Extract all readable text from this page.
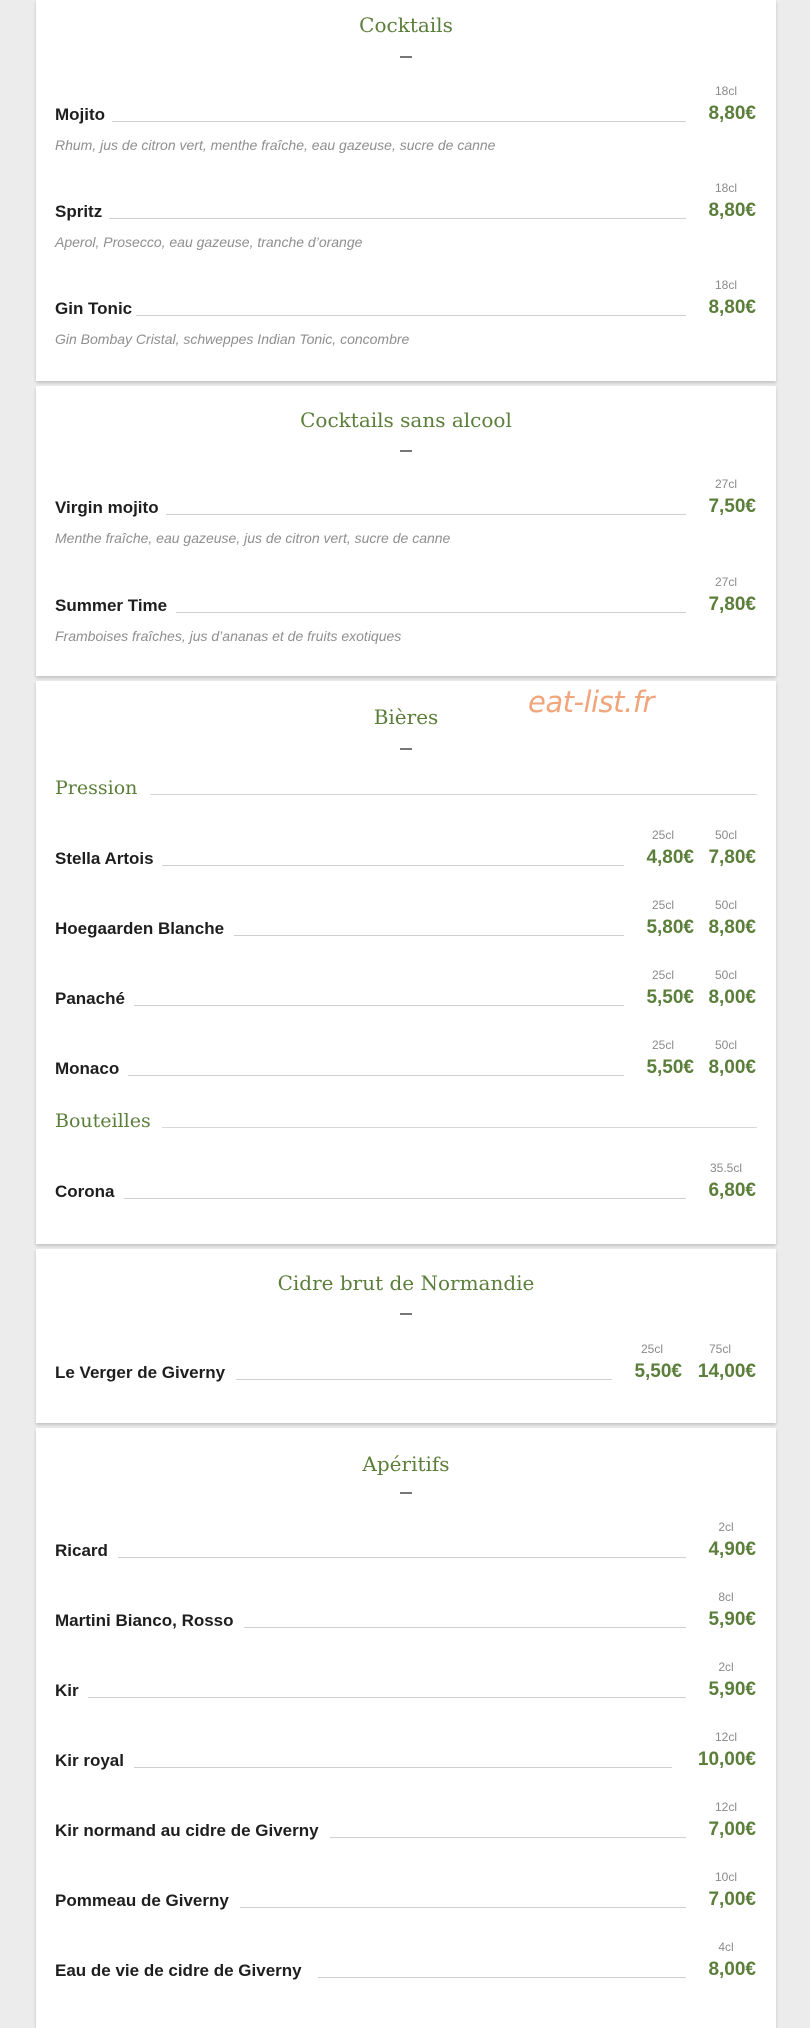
Cocktails
18cl
Mojito	8,80€
Rhum, jus de citron vert, menthe fraîche, eau gazeuse, sucre de canne
18cl
Spritz	8,80€
Aperol, Prosecco, eau gazeuse, tranche d’orange
18cl
Gin Tonic	8,80€
Gin Bombay Cristal, schweppes Indian Tonic, concombre
Cocktails sans alcool
27cl
Virgin mojito	7,50€
Menthe fraîche, eau gazeuse, jus de citron vert, sucre de canne
27cl
Summer Time	7,80€
Framboises fraîches, jus d’ananas et de fruits exotiques
Bières
Pression
25cl	50cl
Stella Artois	4,80€ 7,80€
25cl	50cl
Hoegaarden Blanche	5,80€ 8,80€
25cl	50cl
Panaché	5,50€ 8,00€
25cl	50cl
Monaco	5,50€ 8,00€
Bouteilles
35.5cl
Corona	6,80€
Cidre brut de Normandie
25cl	75cl
Le Verger de Giverny	5,50€ 14,00€
Apéritifs
2cl
Ricard	4,90€
8cl
Martini Bianco, Rosso	5,90€
2cl
Kir	5,90€
12cl
Kir royal	10,00€
12cl
Kir normand au cidre de Giverny	7,00€
10cl
Pommeau de Giverny	7,00€
4cl
Eau de vie de cidre de Giverny	8,00€
eat-list.fr
